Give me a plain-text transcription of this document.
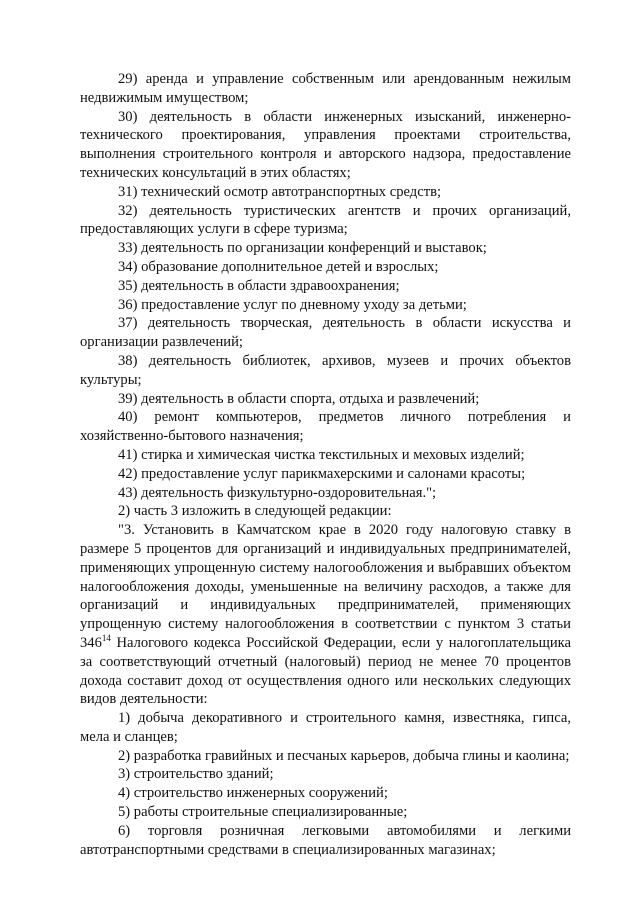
29) аренда и управление собственным или арендованным нежилым недвижимым имуществом;

30) деятельность в области инженерных изысканий, инженерно-технического проектирования, управления проектами строительства, выполнения строительного контроля и авторского надзора, предоставление технических консультаций в этих областях;

31) технический осмотр автотранспортных средств;

32) деятельность туристических агентств и прочих организаций, предоставляющих услуги в сфере туризма;

33) деятельность по организации конференций и выставок;

34) образование дополнительное детей и взрослых;

35) деятельность в области здравоохранения;

36) предоставление услуг по дневному уходу за детьми;

37) деятельность творческая, деятельность в области искусства и организации развлечений;

38) деятельность библиотек, архивов, музеев и прочих объектов культуры;

39) деятельность в области спорта, отдыха и развлечений;

40) ремонт компьютеров, предметов личного потребления и хозяйственно-бытового назначения;

41) стирка и химическая чистка текстильных и меховых изделий;

42) предоставление услуг парикмахерскими и салонами красоты;

43) деятельность физкультурно-оздоровительная.";

2) часть 3 изложить в следующей редакции:

"3. Установить в Камчатском крае в 2020 году налоговую ставку в размере 5 процентов для организаций и индивидуальных предпринимателей, применяющих упрощенную систему налогообложения и выбравших объектом налогообложения доходы, уменьшенные на величину расходов, а также для организаций и индивидуальных предпринимателей, применяющих упрощенную систему налогообложения в соответствии с пунктом 3 статьи $346^{14}$ Налогового кодекса Российской Федерации, если у налогоплательщика за соответствующий отчетный (налоговый) период не менее 70 процентов дохода составит доход от осуществления одного или нескольких следующих видов деятельности:

1) добыча декоративного и строительного камня, известняка, гипса, мела и сланцев;

2) разработка гравийных и песчаных карьеров, добыча глины и каолина;

3) строительство зданий;

4) строительство инженерных сооружений;

5) работы строительные специализированные;

6) торговля розничная легковыми автомобилями и легкими автотранспортными средствами в специализированных магазинах;
